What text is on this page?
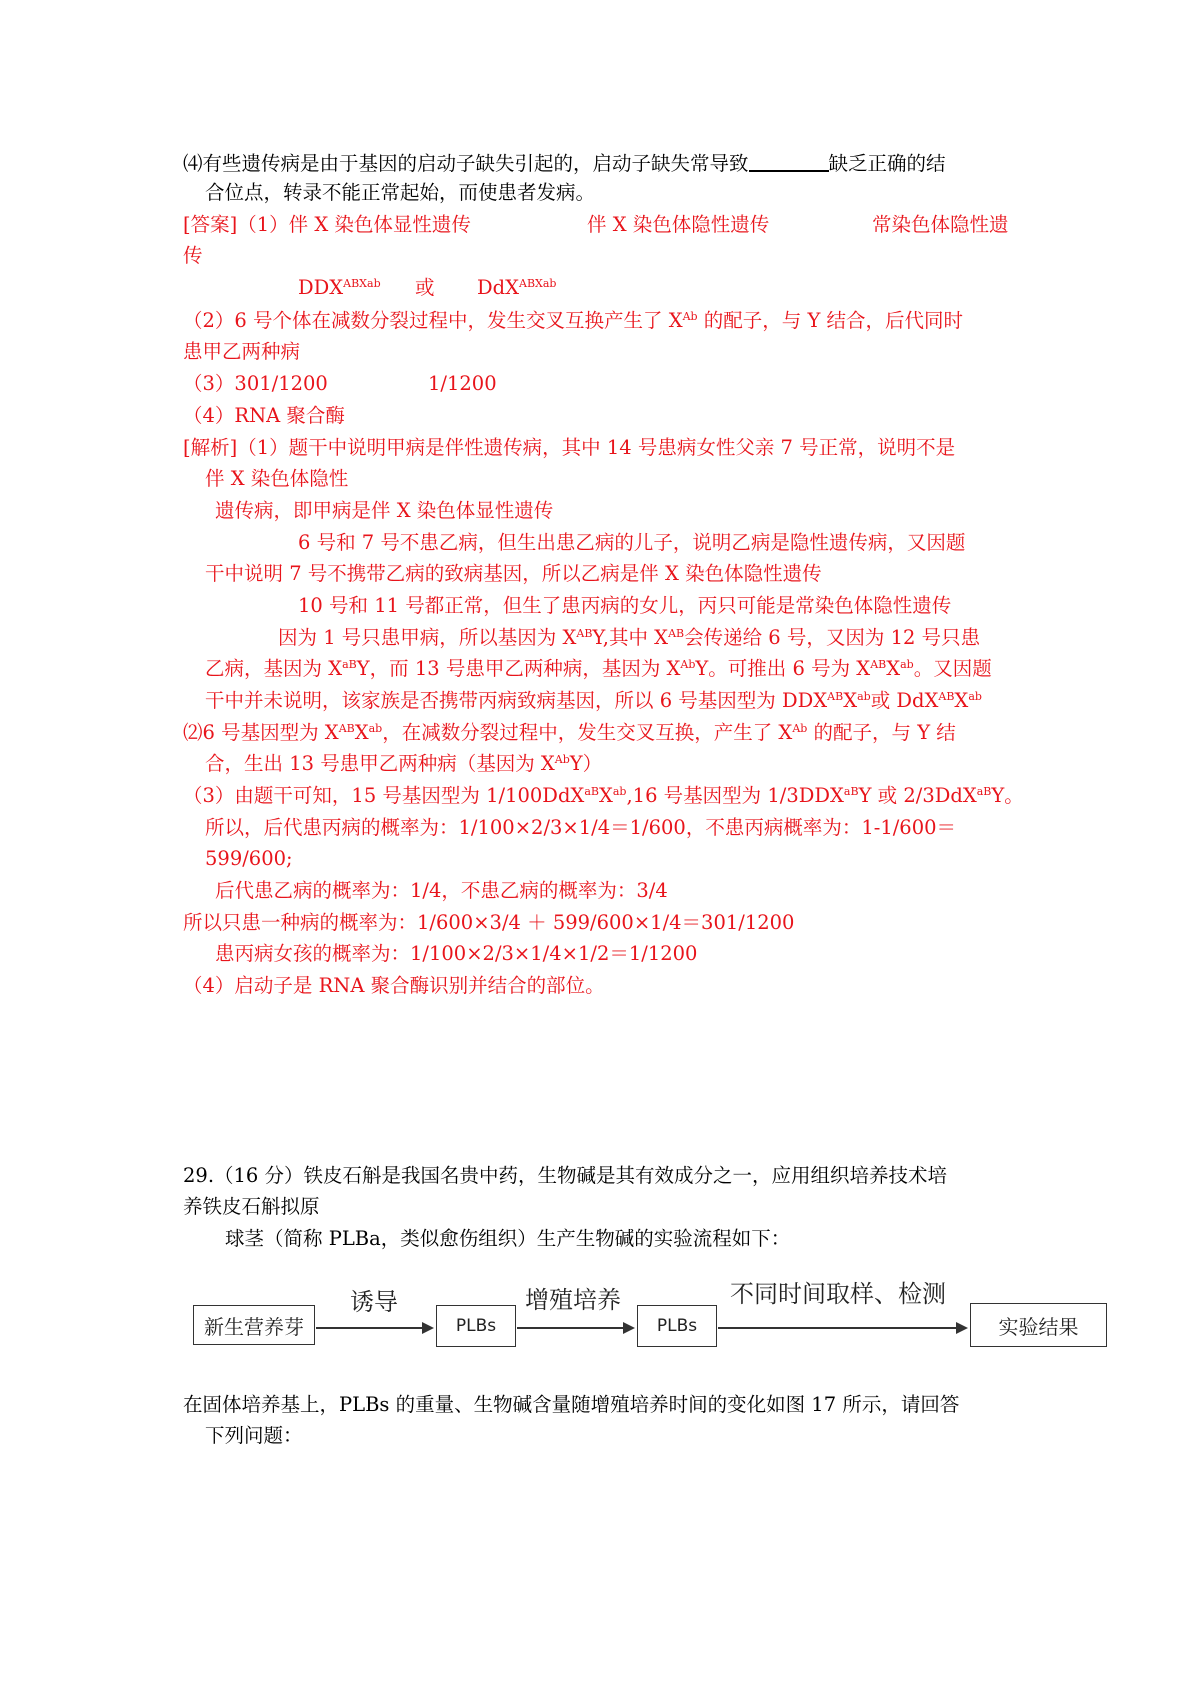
⑷有些遗传病是由于基因的启动子缺失引起的，启动子缺失常导致	缺乏正确的结
合位点，转录不能正常起始，而使患者发病。
[答案]（1）伴 X 染色体显性遗传	伴 X 染色体隐性遗传	常染色体隐性遗
传
$DDX^{ABXab}$ 或 DdX$^{ABXab}$
（2）6 号个体在减数分裂过程中，发生交叉互换产生了 $X^{Ab}$ 的配子，与 Y 结合，后代同时
患甲乙两种病
（3）301/1200	1/1200
（4）RNA 聚合酶
[解析]（1）题干中说明甲病是伴性遗传病，其中 14 号患病女性父亲 7 号正常，说明不是
伴 X 染色体隐性
遗传病，即甲病是伴 X 染色体显性遗传
6 号和 7 号不患乙病，但生出患乙病的儿子，说明乙病是隐性遗传病，又因题
干中说明 7 号不携带乙病的致病基因，所以乙病是伴 X 染色体隐性遗传
10 号和 11 号都正常，但生了患丙病的女儿，丙只可能是常染色体隐性遗传
因为 1 号只患甲病，所以基因为 $X^{AB}Y$,其中 $X^{AB}$会传递给 6 号，又因为 12 号只患
乙病，基因为 $X^{aB}Y$，而 13 号患甲乙两种病，基因为 $X^{Ab}Y$。可推出 6 号为 $X^{AB}X^{ab}$。又因题
干中并未说明，该家族是否携带丙病致病基因，所以 6 号基因型为 $DDX^{AB}X^{ab}$或 $DdX^{AB}X^{ab}$
⑵6 号基因型为 $X^{AB}X^{ab}$，在减数分裂过程中，发生交叉互换，产生了 $X^{Ab}$ 的配子，与 Y 结
合，生出 13 号患甲乙两种病（基因为 $X^{Ab}Y$）
（3）由题干可知，15 号基因型为 $1/100DdX^{aB}X^{ab},16$ 号基因型为 $1/3DDX^{aB}Y$ 或 2/3DdX$^{aB}$Y。
所以，后代患丙病的概率为：1/100×2/3×1/4＝1/600，不患丙病概率为：1-1/600＝
599/600;
后代患乙病的概率为：1/4，不患乙病的概率为：3/4
所以只患一种病的概率为：1/600×3/4 ＋ 599/600×1/4＝301/1200
患丙病女孩的概率为：1/100×2/3×1/4×1/2＝1/1200
（4）启动子是 RNA 聚合酶识别并结合的部位。
29.（16 分）铁皮石斛是我国名贵中药，生物碱是其有效成分之一，应用组织培养技术培
养铁皮石斛拟原
球茎（简称 PLBa，类似愈伤组织）生产生物碱的实验流程如下：
新生营养芽
诱导
PLBs
增殖培养
PLBs
不同时间取样、检测
实验结果
在固体培养基上，PLBs 的重量、生物碱含量随增殖培养时间的变化如图 17 所示，请回答
下列问题：
